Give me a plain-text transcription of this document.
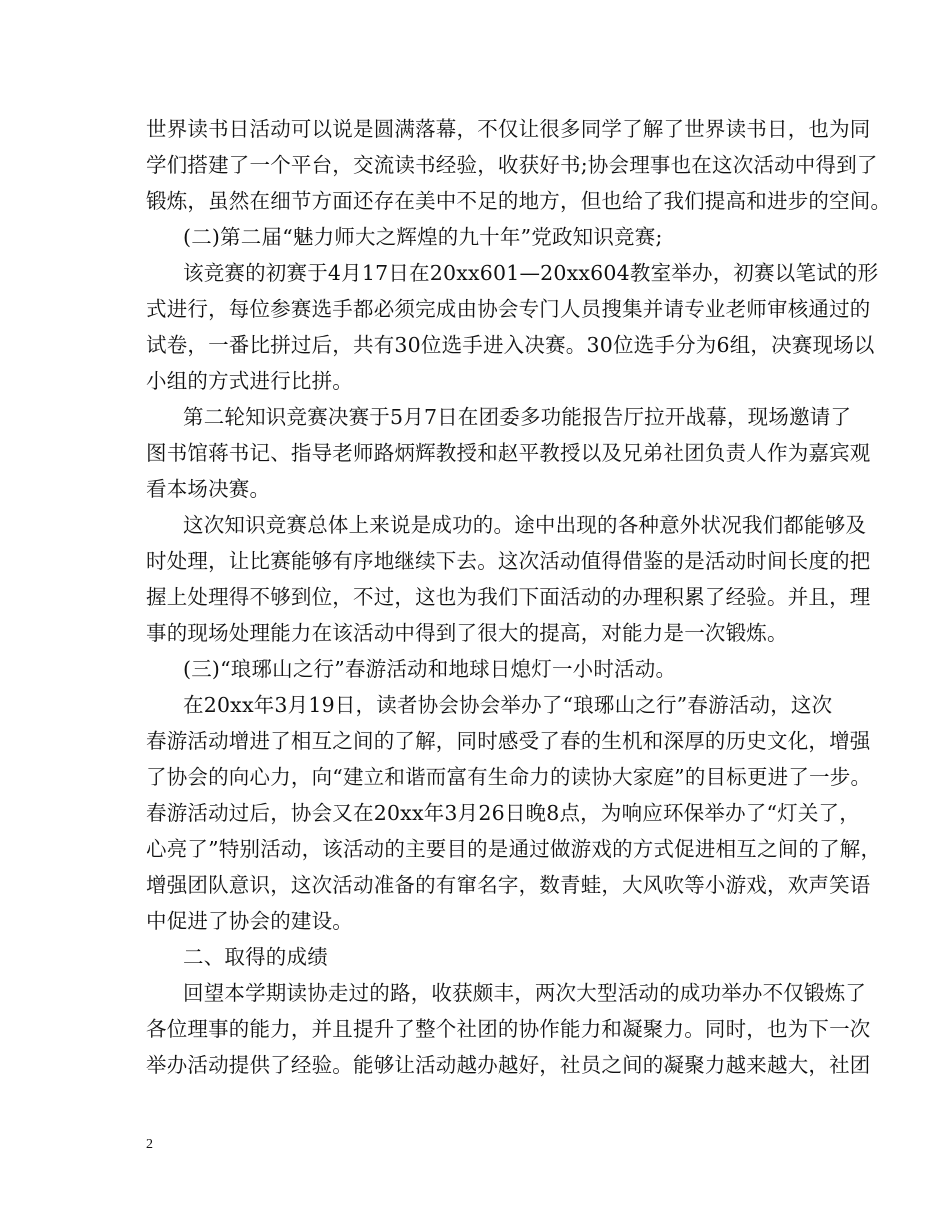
世界读书日活动可以说是圆满落幕，不仅让很多同学了解了世界读书日，也为同
学们搭建了一个平台，交流读书经验，收获好书;协会理事也在这次活动中得到了
锻炼，虽然在细节方面还存在美中不足的地方，但也给了我们提高和进步的空间。
(二)第二届“魅力师大之辉煌的九十年”党政知识竞赛;
该竞赛的初赛于4月17日在20xx601—20xx604教室举办，初赛以笔试的形
式进行，每位参赛选手都必须完成由协会专门人员搜集并请专业老师审核通过的
试卷，一番比拼过后，共有30位选手进入决赛。30位选手分为6组，决赛现场以
小组的方式进行比拼。
第二轮知识竞赛决赛于5月7日在团委多功能报告厅拉开战幕，现场邀请了
图书馆蒋书记、指导老师路炳辉教授和赵平教授以及兄弟社团负责人作为嘉宾观
看本场决赛。
这次知识竞赛总体上来说是成功的。途中出现的各种意外状况我们都能够及
时处理，让比赛能够有序地继续下去。这次活动值得借鉴的是活动时间长度的把
握上处理得不够到位，不过，这也为我们下面活动的办理积累了经验。并且，理
事的现场处理能力在该活动中得到了很大的提高，对能力是一次锻炼。
(三)“琅琊山之行”春游活动和地球日熄灯一小时活动。
在20xx年3月19日，读者协会协会举办了“琅琊山之行”春游活动，这次
春游活动增进了相互之间的了解，同时感受了春的生机和深厚的历史文化，增强
了协会的向心力，向“建立和谐而富有生命力的读协大家庭”的目标更进了一步。
春游活动过后，协会又在20xx年3月26日晚8点，为响应环保举办了“灯关了，
心亮了”特别活动，该活动的主要目的是通过做游戏的方式促进相互之间的了解，
增强团队意识，这次活动准备的有窜名字，数青蛙，大风吹等小游戏，欢声笑语
中促进了协会的建设。
二、取得的成绩
回望本学期读协走过的路，收获颇丰，两次大型活动的成功举办不仅锻炼了
各位理事的能力，并且提升了整个社团的协作能力和凝聚力。同时，也为下一次
举办活动提供了经验。能够让活动越办越好，社员之间的凝聚力越来越大，社团
2
